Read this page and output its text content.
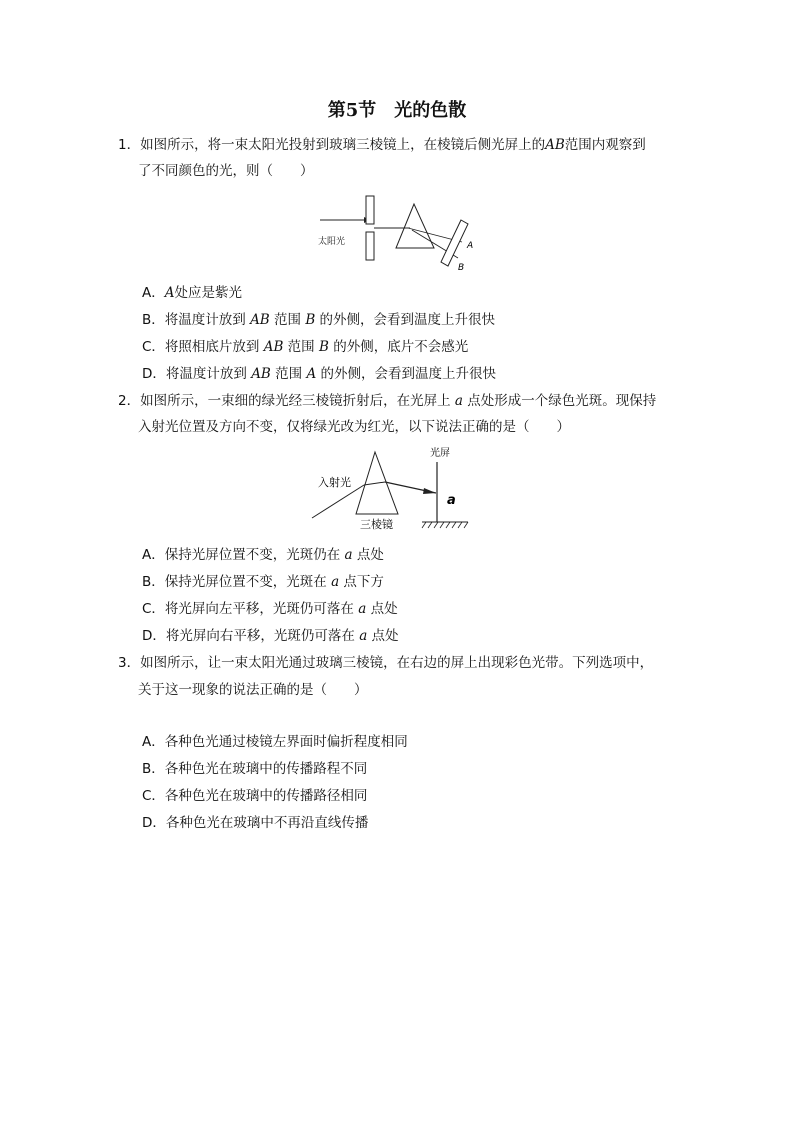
第5节　光的色散
1．如图所示，将一束太阳光投射到玻璃三棱镜上，在棱镜后侧光屏上的AB范围内观察到
了不同颜色的光，则（　　）
太阳光	A
B
A．A处应是紫光
B．将温度计放到 AB 范围 B 的外侧，会看到温度上升很快
C．将照相底片放到 AB 范围 B 的外侧，底片不会感光
D．将温度计放到 AB 范围 A 的外侧，会看到温度上升很快
2．如图所示，一束细的绿光经三棱镜折射后，在光屏上 a 点处形成一个绿色光斑。现保持
入射光位置及方向不变，仅将绿光改为红光，以下说法正确的是（　　）
光屏
入射光
三棱镜
a
A．保持光屏位置不变，光斑仍在 a 点处
B．保持光屏位置不变，光斑在 a 点下方
C．将光屏向左平移，光斑仍可落在 a 点处
D．将光屏向右平移，光斑仍可落在 a 点处
3．如图所示，让一束太阳光通过玻璃三棱镜，在右边的屏上出现彩色光带。下列选项中，
关于这一现象的说法正确的是（　　）
A．各种色光通过棱镜左界面时偏折程度相同
B．各种色光在玻璃中的传播路程不同
C．各种色光在玻璃中的传播路径相同
D．各种色光在玻璃中不再沿直线传播
